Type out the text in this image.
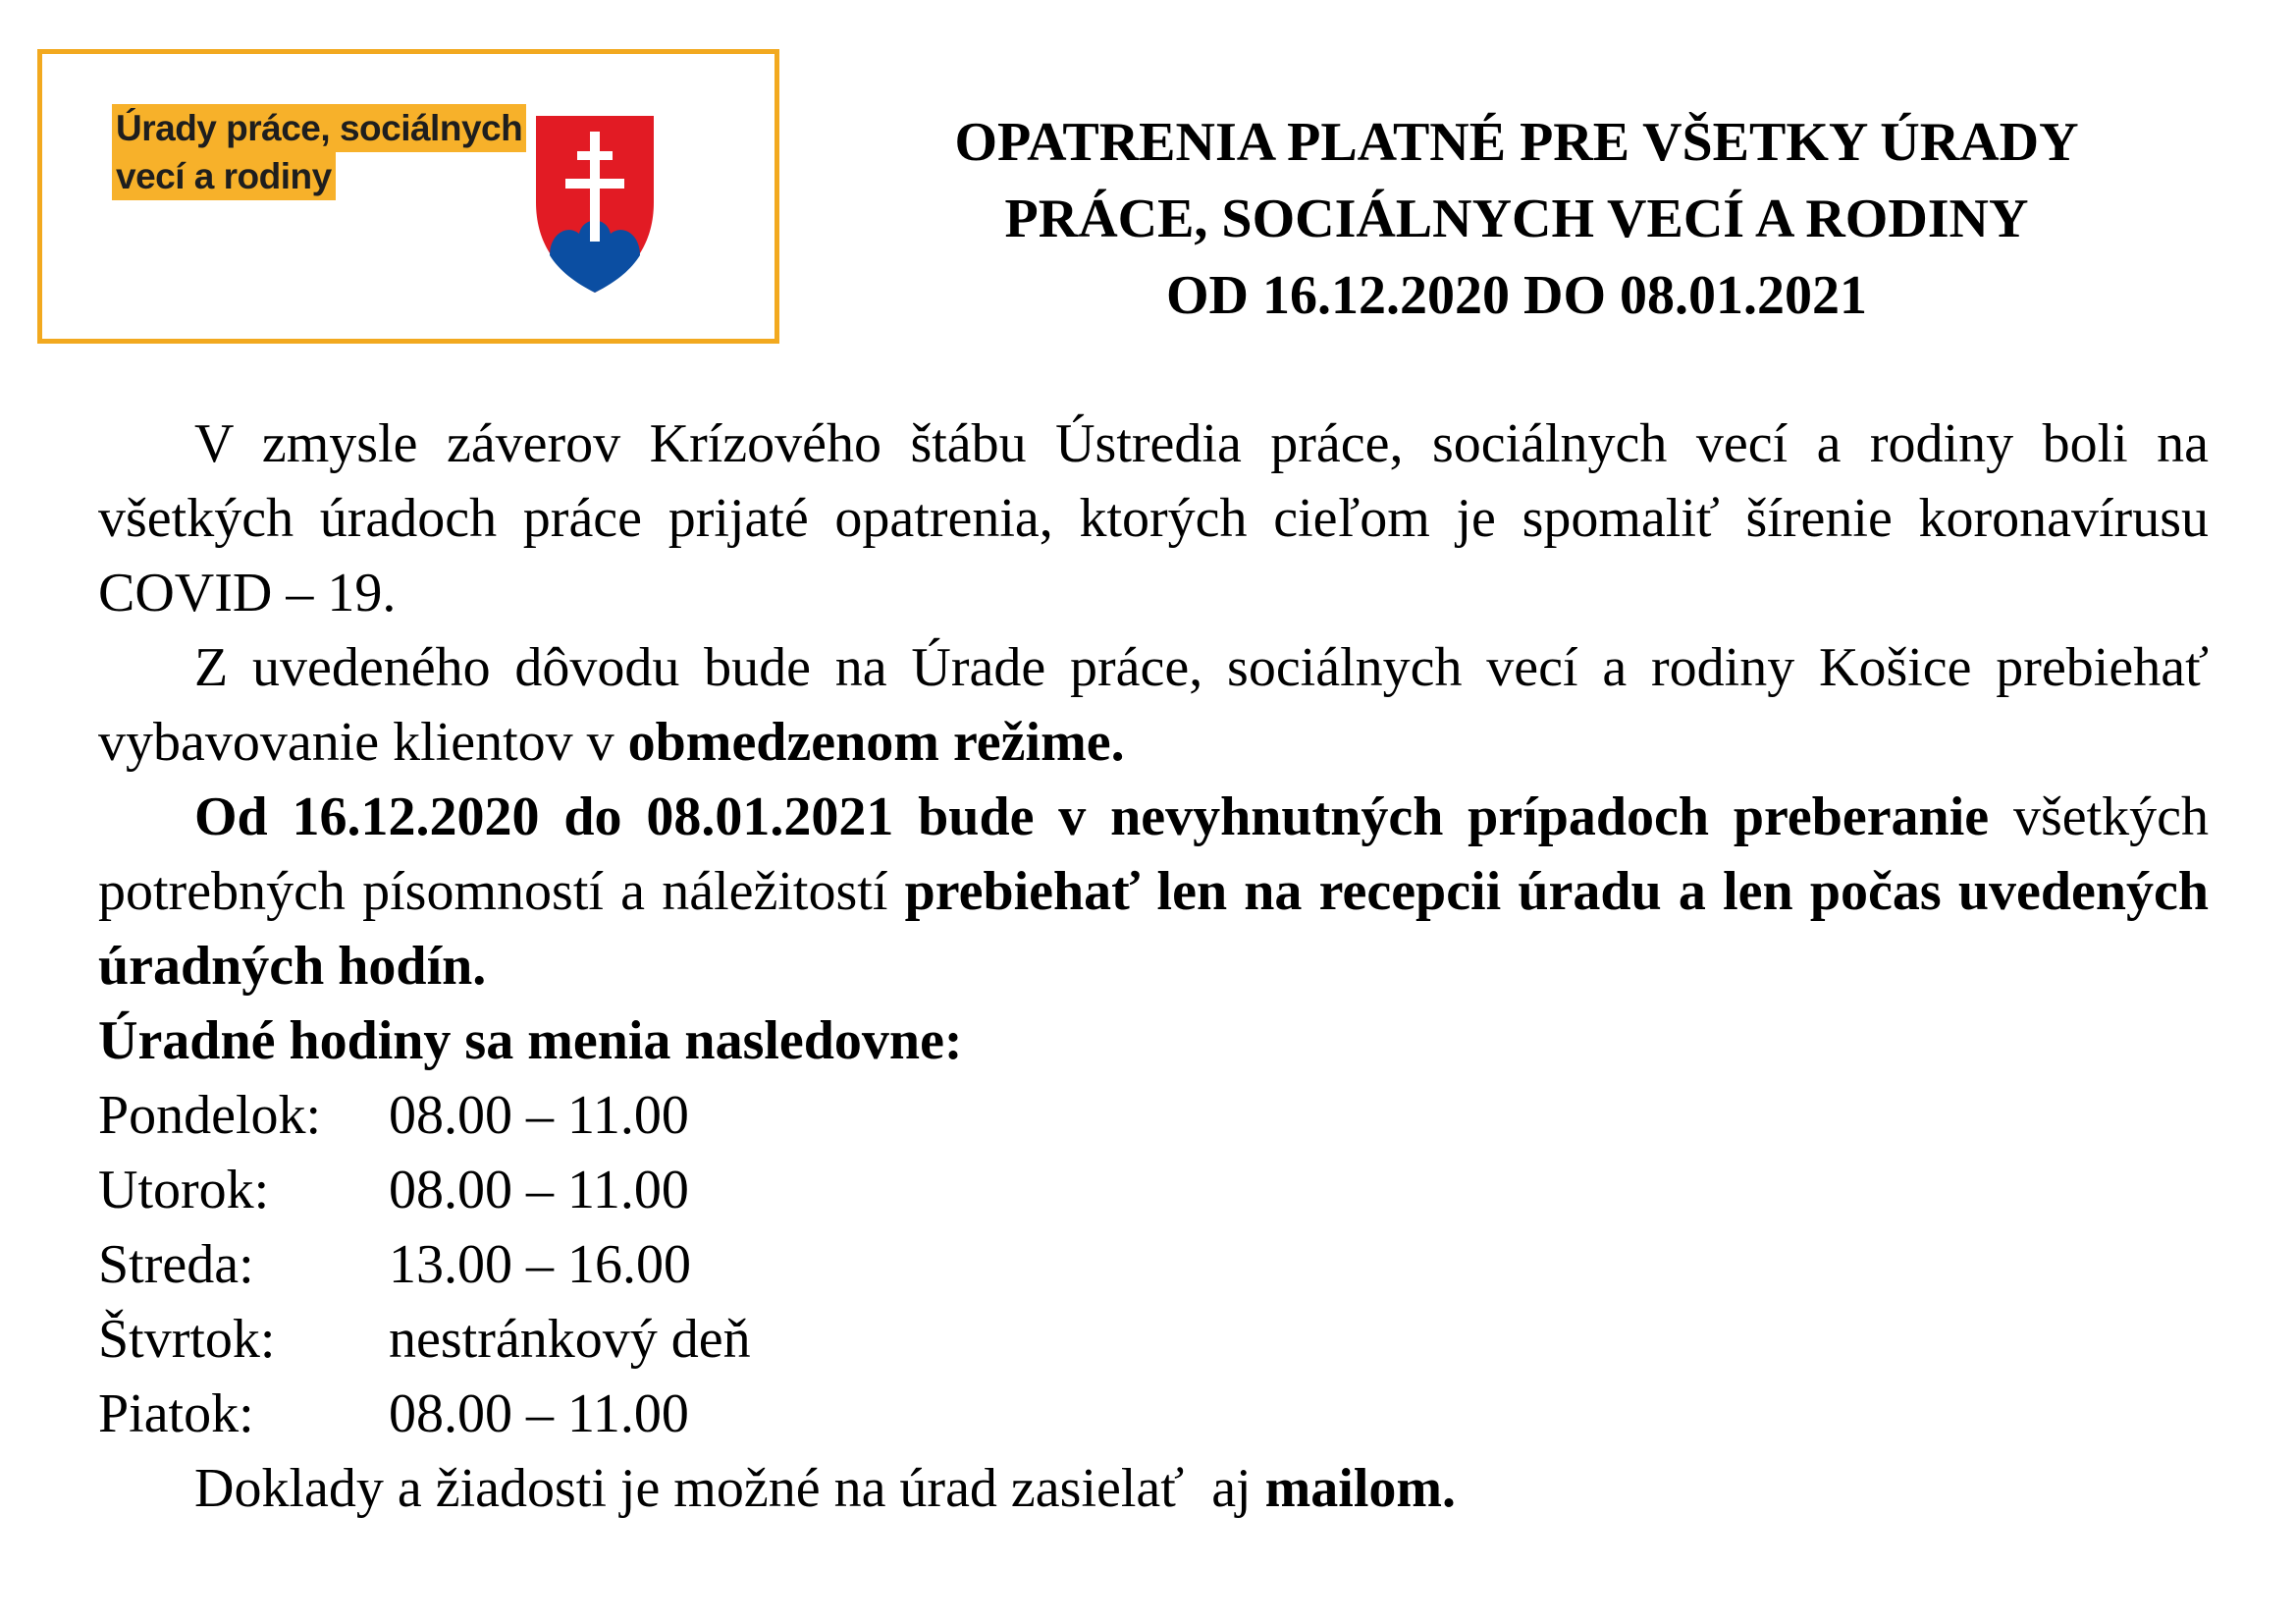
Úrady práce, sociálnych
vecí a rodiny
OPATRENIA PLATNÉ PRE VŠETKY ÚRADY
PRÁCE, SOCIÁLNYCH VECÍ A RODINY
OD 16.12.2020 DO 08.01.2021

V zmysle záverov Krízového štábu Ústredia práce, sociálnych vecí a rodiny boli na všetkých úradoch práce prijaté opatrenia, ktorých cieľom je spomaliť šírenie koronavírusu COVID – 19.

Z uvedeného dôvodu bude na Úrade práce, sociálnych vecí a rodiny Košice prebiehať vybavovanie klientov v obmedzenom režime.

Od 16.12.2020 do 08.01.2021 bude v nevyhnutných prípadoch preberanie všetkých potrebných písomností a náležitostí prebiehať len na recepcii úradu a len počas uvedených úradných hodín.

Úradné hodiny sa menia nasledovne:

Pondelok:	08.00 – 11.00
Utorok:	08.00 – 11.00
Streda:	13.00 – 16.00
Štvrtok:	nestránkový deň
Piatok:	08.00 – 11.00

Doklady a žiadosti je možné na úrad zasielať  aj mailom.
